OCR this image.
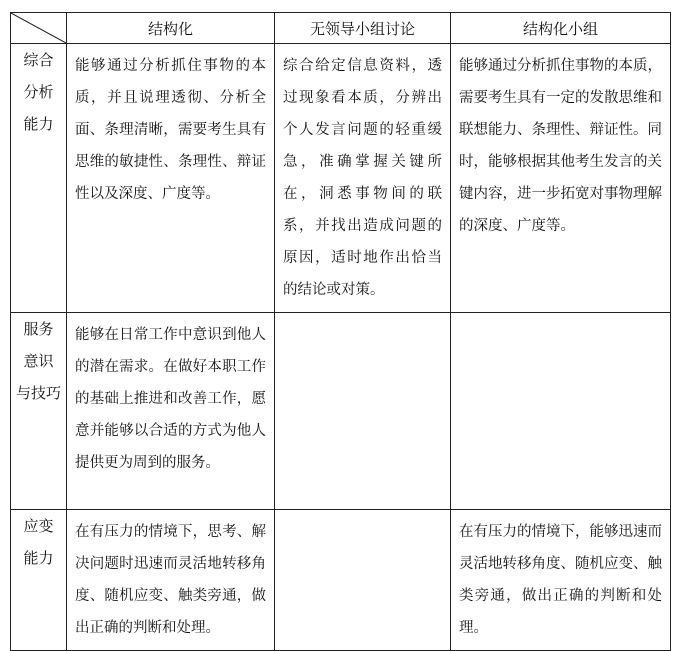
	结构化	无领导小组讨论	结构化小组
综合
分析
能力	能够通过分析抓住事物的本质，并且说理透彻、分析全面、条理清晰，需要考生具有思维的敏捷性、条理性、辩证性以及深度、广度等。	综合给定信息资料，透过现象看本质，分辨出个人发言问题的轻重缓急，准确掌握关键所在，洞悉事物间的联系，并找出造成问题的原因，适时地作出恰当的结论或对策。	能够通过分析抓住事物的本质，需要考生具有一定的发散思维和联想能力、条理性、辩证性。同时，能够根据其他考生发言的关键内容，进一步拓宽对事物理解的深度、广度等。

服务
意识
与技巧	能够在日常工作中意识到他人的潜在需求。在做好本职工作的基础上推进和改善工作，愿意并能够以合适的方式为他人提供更为周到的服务。		

应变
能力	在有压力的情境下，思考、解决问题时迅速而灵活地转移角度、随机应变、触类旁通，做出正确的判断和处理。		在有压力的情境下，能够迅速而灵活地转移角度、随机应变、触类旁通，做出正确的判断和处理。
